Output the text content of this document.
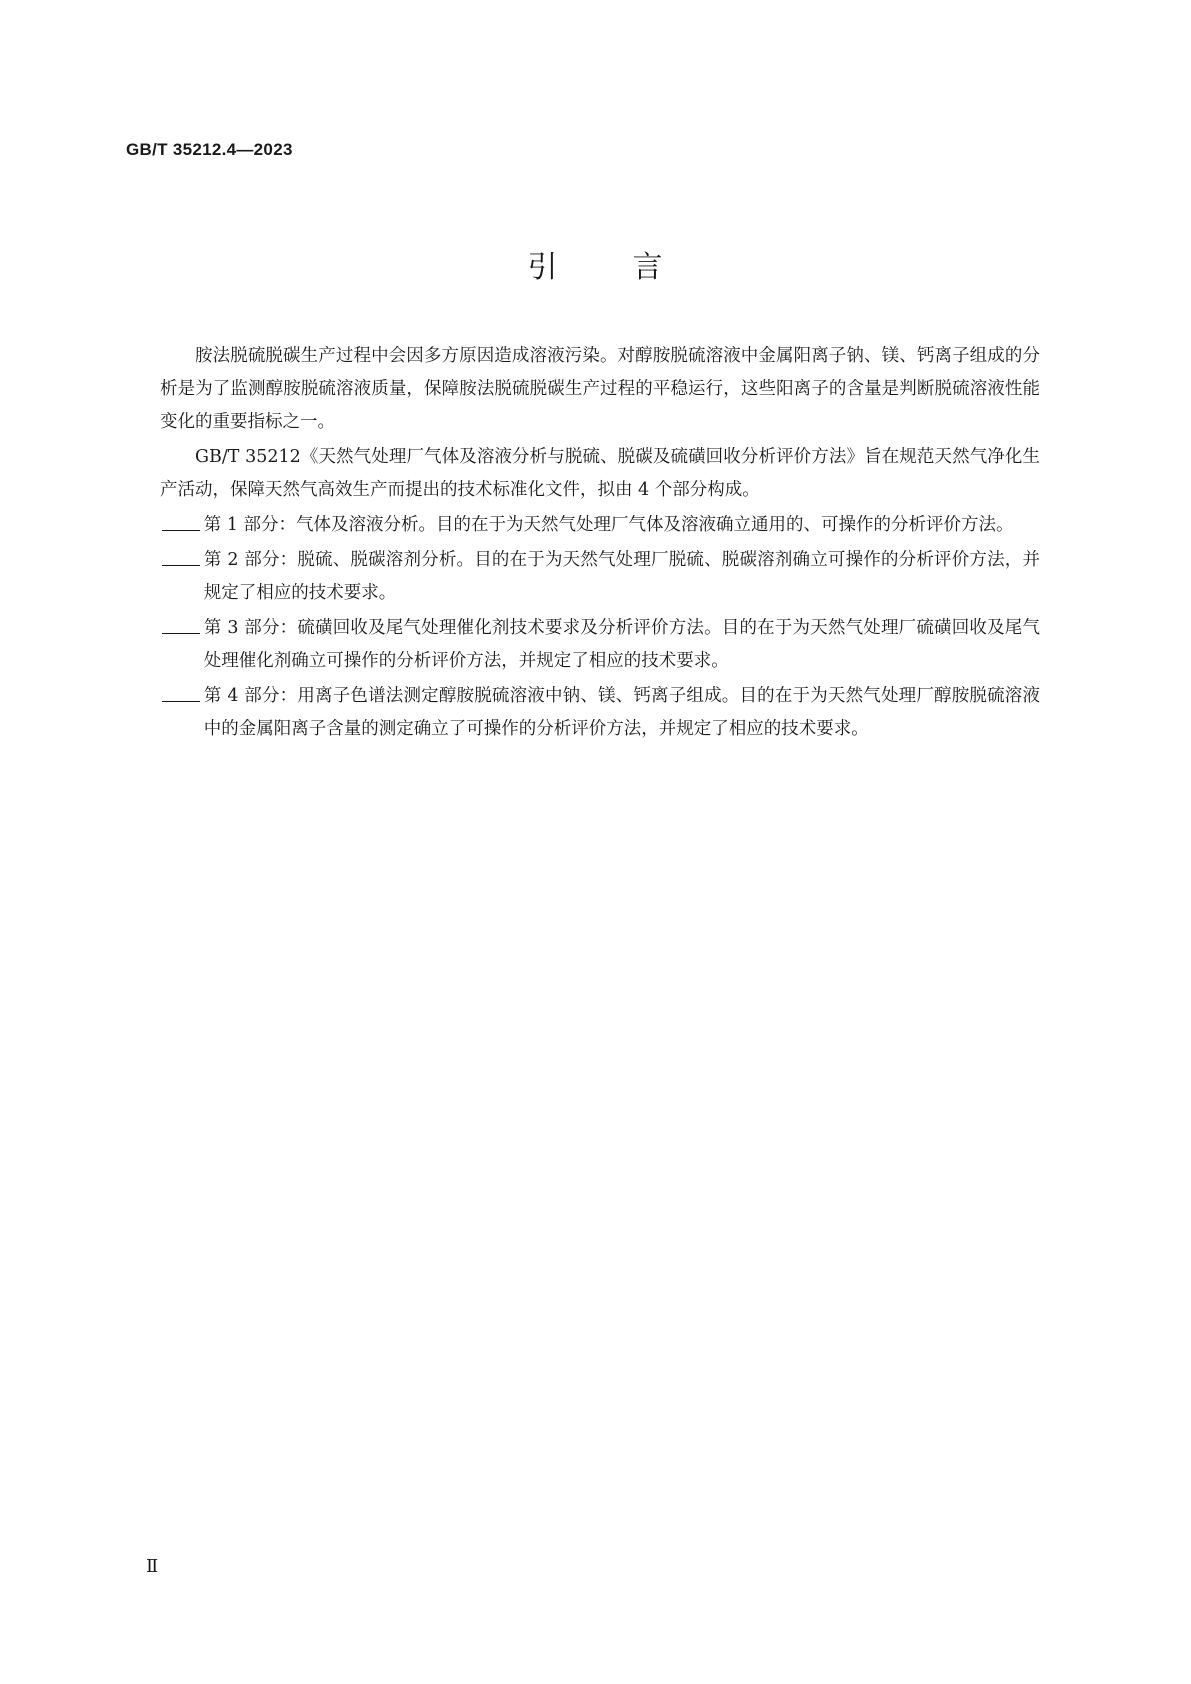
GB/T 35212.4—2023
引 言

胺法脱硫脱碳生产过程中会因多方原因造成溶液污染。对醇胺脱硫溶液中金属阳离子钠、镁、钙离子组成的分析是为了监测醇胺脱硫溶液质量，保障胺法脱硫脱碳生产过程的平稳运行，这些阳离子的含量是判断脱硫溶液性能变化的重要指标之一。

GB/T 35212《天然气处理厂气体及溶液分析与脱硫、脱碳及硫磺回收分析评价方法》旨在规范天然气净化生产活动，保障天然气高效生产而提出的技术标准化文件，拟由 4 个部分构成。

第 1 部分：气体及溶液分析。目的在于为天然气处理厂气体及溶液确立通用的、可操作的分析评价方法。

第 2 部分：脱硫、脱碳溶剂分析。目的在于为天然气处理厂脱硫、脱碳溶剂确立可操作的分析评价方法，并规定了相应的技术要求。

第 3 部分：硫磺回收及尾气处理催化剂技术要求及分析评价方法。目的在于为天然气处理厂硫磺回收及尾气处理催化剂确立可操作的分析评价方法，并规定了相应的技术要求。

第 4 部分：用离子色谱法测定醇胺脱硫溶液中钠、镁、钙离子组成。目的在于为天然气处理厂醇胺脱硫溶液中的金属阳离子含量的测定确立了可操作的分析评价方法，并规定了相应的技术要求。

Ⅱ
